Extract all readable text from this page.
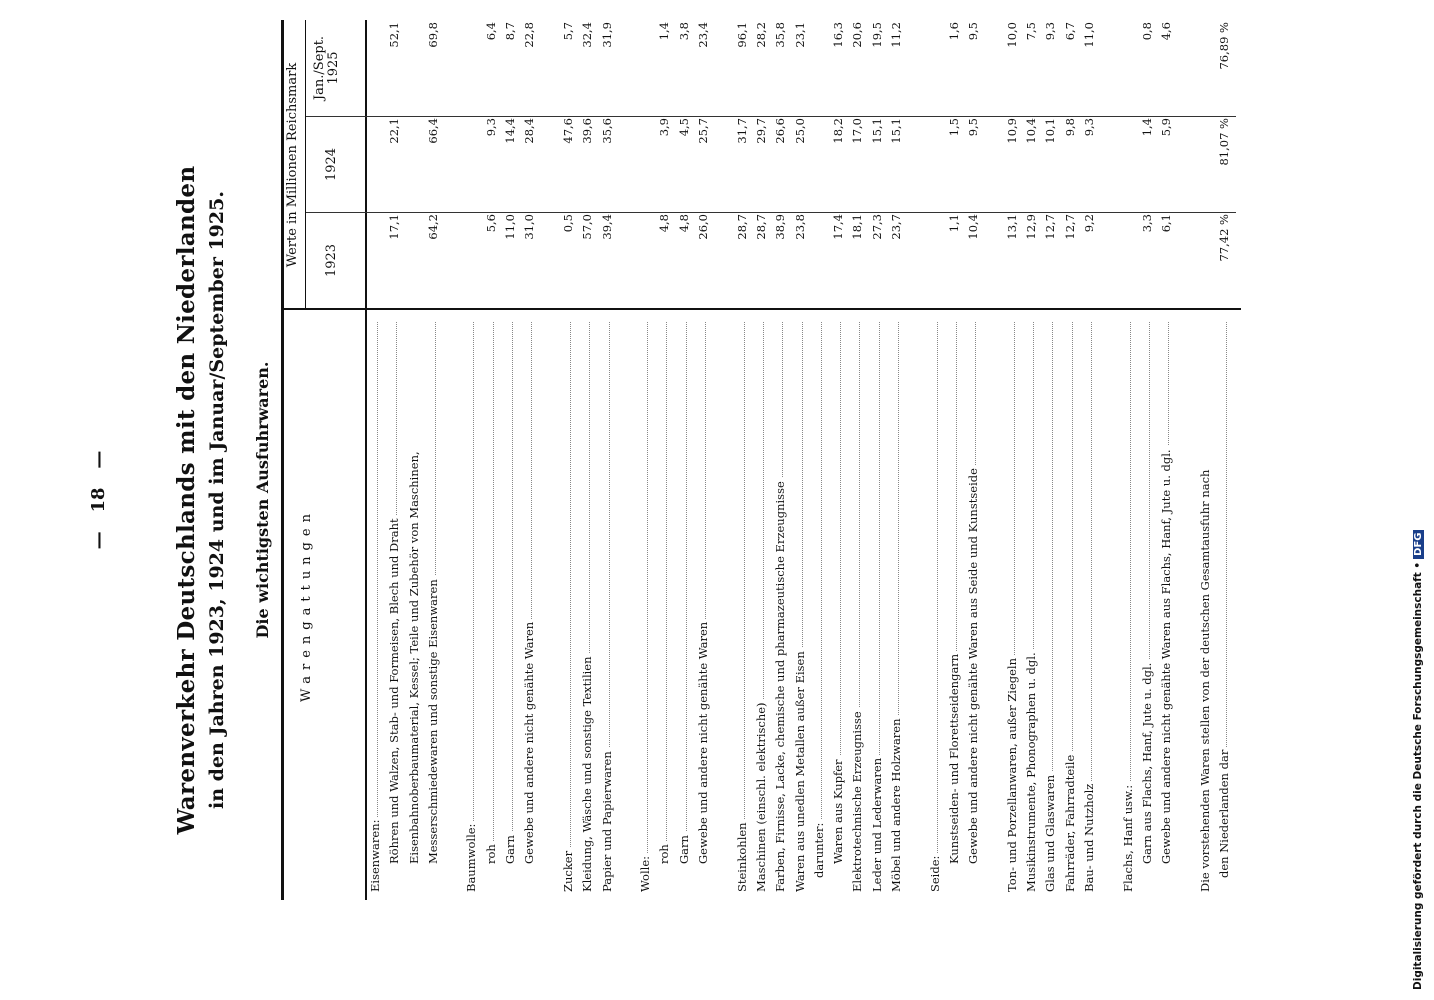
—   18   —	Warenverkehr Deutschlands mit den Niederlanden in den Jahren 1923, 1924 und im Januar/September 1925. Die wichtigsten Ausfuhrwaren. Warengattungen
Werte in Millionen Reichsmark 1923
1924
Jan./Sept. 1925
Eisenwaren: Röhren und Walzen, Stab- und Formeisen, Blech und Draht
17,1
22,1
52,1
Eisenbahnoberbaumaterial, Kessel; Teile und Zubehör von Maschinen, Messerschmiedewaren und sonstige Eisenwaren
64,2
66,4
69,8
Baumwolle: roh
5,6
9,3
6,4
Garn
11,0
14,4
8,7
Gewebe und andere nicht genähte Waren
31,0
28,4
22,8
Zucker
0,5
47,6
5,7
Kleidung, Wäsche und sonstige Textilien
57,0
39,6
32,4
Papier und Papierwaren
39,4
35,6
31,9
Wolle:
roh
4,8
3,9
1,4
Garn
4,8
4,5
3,8
Gewebe und andere nicht genähte Waren
26,0
25,7
23,4
Steinkohlen
28,7
31,7
96,1
Maschinen (einschl. elektrische)
28,7
29,7
28,2
Farben, Firnisse, Lacke, chemische und pharmazeutische Erzeugnisse
38,9
26,6
35,8
Waren aus unedlen Metallen außer Eisen
23,8
25,0
23,1
darunter: Waren aus Kupfer
17,4
18,2
16,3
Elektrotechnische Erzeugnisse
18,1
17,0
20,6
Leder und Lederwaren
27,3
15,1
19,5
Möbel und andere Holzwaren
23,7
15,1
11,2
Seide:
Kunstseiden- und Florettseidengarn
1,1
1,5
1,6
Gewebe und andere nicht genähte Waren aus Seide und Kunstseide
10,4
9,5
9,5
Ton- und Porzellanwaren, außer Ziegeln
13,1
10,9
10,0
Musikinstrumente, Phonographen u. dgl.
12,9
10,4
7,5
Glas und Glaswaren
12,7
10,1
9,3
Fahrräder, Fahrradteile
12,7
9,8
6,7
Bau- und Nutzholz
9,2
9,3
11,0
Flachs, Hanf usw.: Garn aus Flachs, Hanf, Jute u. dgl.
3,3
1,4
0,8
Gewebe und andere nicht genähte Waren aus Flachs, Hanf, Jute u. dgl.
6,1
5,9
4,6
Die vorstehenden Waren stellen von der deutschen Gesamtausfuhr nach den Niederlanden dar
77,42 %
81,07 %
76,89 %
Digitalisierung gefördert durch die Deutsche Forschungsgemeinschaft •DFG
